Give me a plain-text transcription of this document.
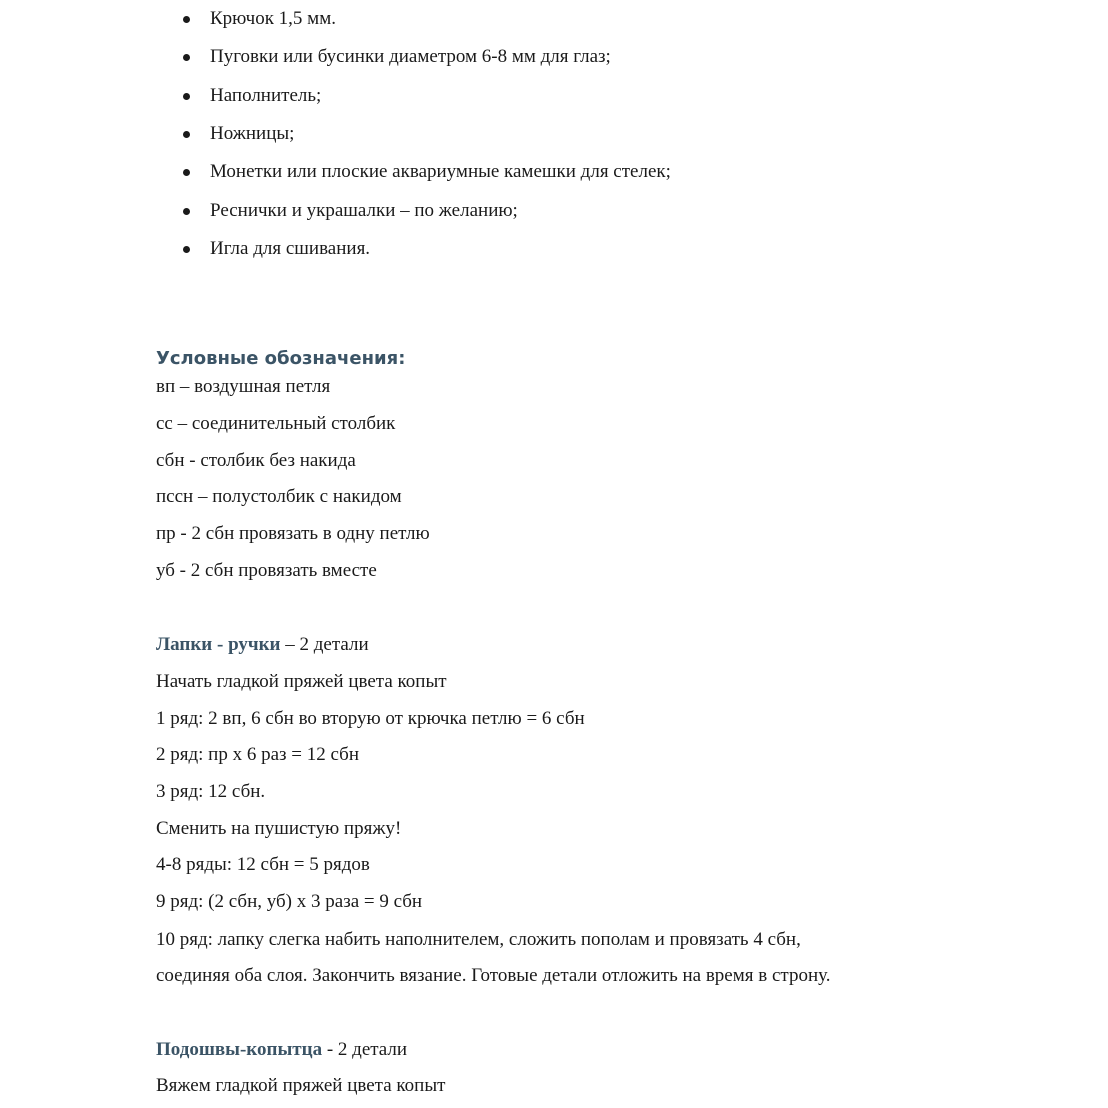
Крючок 1,5 мм.
Пуговки или бусинки диаметром 6-8 мм для глаз;
Наполнитель;
Ножницы;
Монетки или плоские аквариумные камешки для стелек;
Реснички и украшалки – по желанию;
Игла для сшивания.
Условные обозначения:
вп – воздушная петля
сс – соединительный столбик
сбн - столбик без накида
пссн – полустолбик с накидом
пр - 2 сбн провязать в одну петлю
уб - 2 сбн провязать вместе
Лапки - ручки – 2 детали
Начать гладкой пряжей цвета копыт
1 ряд: 2 вп, 6 сбн во вторую от крючка петлю = 6 сбн
2 ряд: пр х 6 раз = 12 сбн
3 ряд: 12 сбн.
Сменить на пушистую пряжу!
4-8 ряды: 12 сбн = 5 рядов
9 ряд: (2 сбн, уб) х 3 раза = 9 сбн
10 ряд: лапку слегка набить наполнителем, сложить пополам и провязать 4 сбн,
соединяя оба слоя. Закончить вязание. Готовые детали отложить на время в строну.
Подошвы-копытца - 2 детали
Вяжем гладкой пряжей цвета копыт
